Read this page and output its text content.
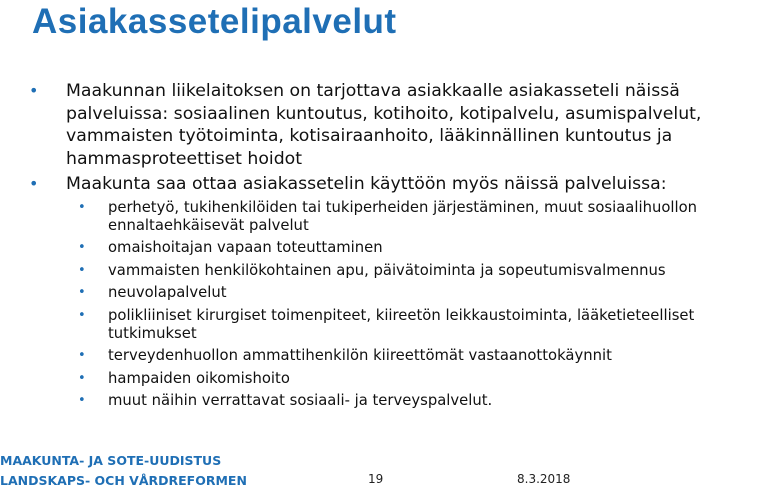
Asiakassetelipalvelut
• Maakunnan liikelaitoksen on tarjottava asiakkaalle asiakasseteli näissä palveluissa: sosiaalinen kuntoutus, kotihoito, kotipalvelu, asumispalvelut, vammaisten työtoiminta, kotisairaanhoito, lääkinnällinen kuntoutus ja hammasproteettiset hoidot
• Maakunta saa ottaa asiakassetelin käyttöön myös näissä palveluissa:
• perhetyö, tukihenkilöiden tai tukiperheiden järjestäminen, muut sosiaalihuollon ennaltaehkäisevät palvelut
• omaishoitajan vapaan toteuttaminen
• vammaisten henkilökohtainen apu, päivätoiminta ja sopeutumisvalmennus
• neuvolapalvelut
• polikliiniset kirurgiset toimenpiteet, kiireetön leikkaustoiminta, lääketieteelliset tutkimukset
• terveydenhuollon ammattihenkilön kiireettömät vastaanottokäynnit
• hampaiden oikomishoito
• muut näihin verrattavat sosiaali- ja terveyspalvelut.
MAAKUNTA- JA SOTE-UUDISTUS
LANDSKAPS- OCH VÅRDREFORMEN	19	8.3.2018
